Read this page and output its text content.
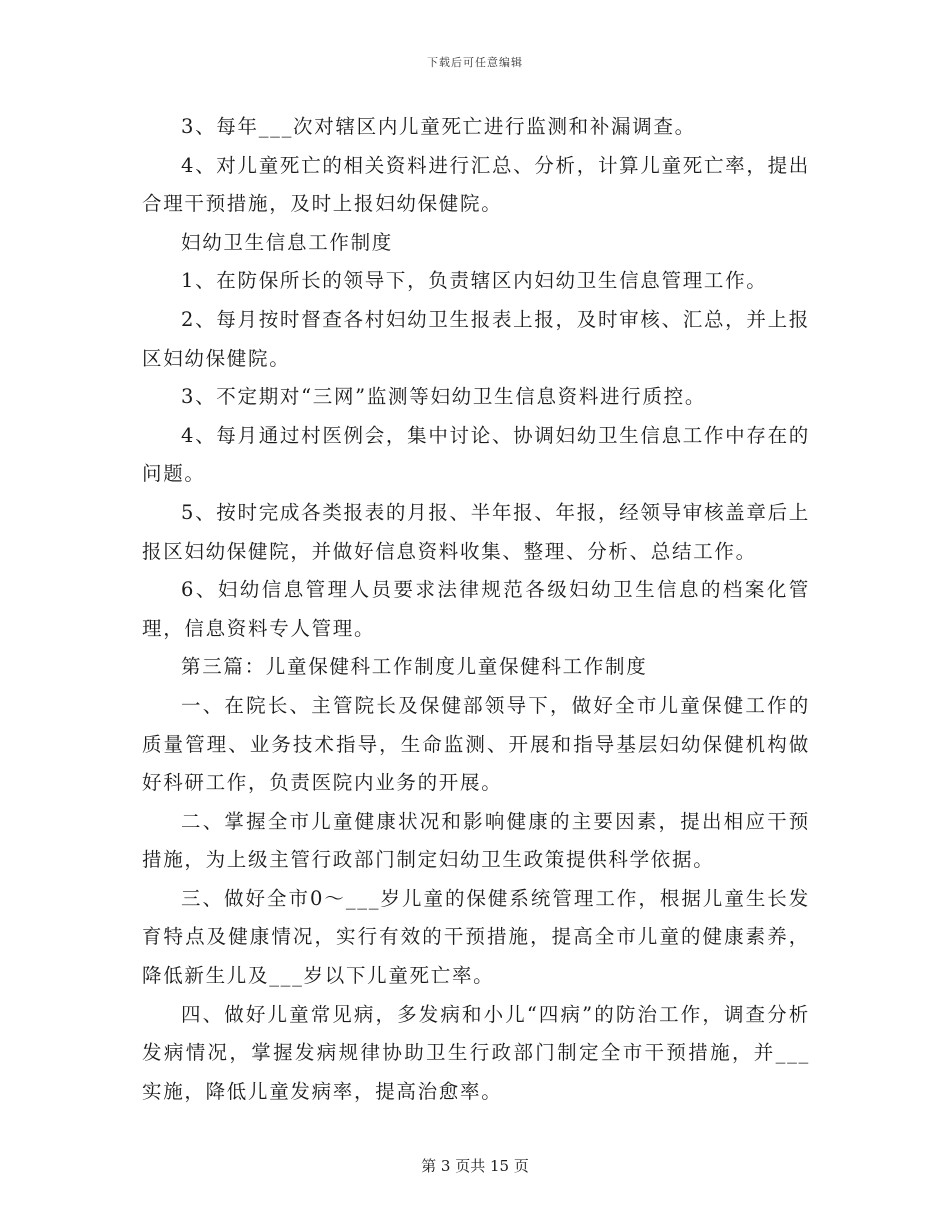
下载后可任意编辑

3、每年___次对辖区内儿童死亡进行监测和补漏调查。

4、对儿童死亡的相关资料进行汇总、分析，计算儿童死亡率，提出合理干预措施，及时上报妇幼保健院。

妇幼卫生信息工作制度

1、在防保所长的领导下，负责辖区内妇幼卫生信息管理工作。

2、每月按时督查各村妇幼卫生报表上报，及时审核、汇总，并上报区妇幼保健院。

3、不定期对“三网”监测等妇幼卫生信息资料进行质控。

4、每月通过村医例会，集中讨论、协调妇幼卫生信息工作中存在的问题。

5、按时完成各类报表的月报、半年报、年报，经领导审核盖章后上报区妇幼保健院，并做好信息资料收集、整理、分析、总结工作。

6、妇幼信息管理人员要求法律规范各级妇幼卫生信息的档案化管理，信息资料专人管理。

第三篇：儿童保健科工作制度儿童保健科工作制度

一、在院长、主管院长及保健部领导下，做好全市儿童保健工作的质量管理、业务技术指导，生命监测、开展和指导基层妇幼保健机构做好科研工作，负责医院内业务的开展。

二、掌握全市儿童健康状况和影响健康的主要因素，提出相应干预措施，为上级主管行政部门制定妇幼卫生政策提供科学依据。

三、做好全市0～___岁儿童的保健系统管理工作，根据儿童生长发育特点及健康情况，实行有效的干预措施，提高全市儿童的健康素养，降低新生儿及___岁以下儿童死亡率。

四、做好儿童常见病，多发病和小儿“四病”的防治工作，调查分析发病情况，掌握发病规律协助卫生行政部门制定全市干预措施，并___实施，降低儿童发病率，提高治愈率。

第 3 页共 15 页
